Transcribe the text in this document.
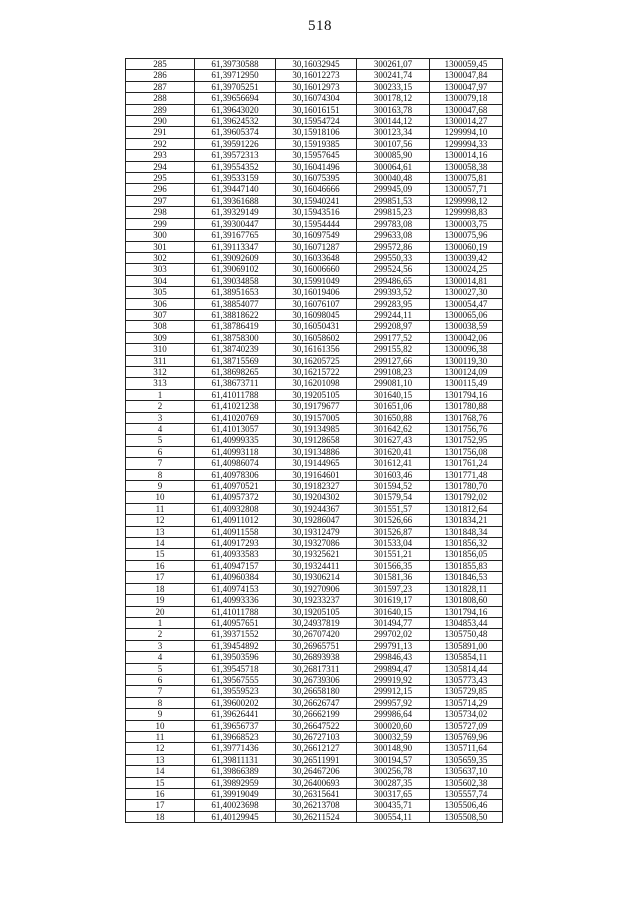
518
285	61,39730588	30,16032945	300261,07	1300059,45
286	61,39712950	30,16012273	300241,74	1300047,84
287	61,39705251	30,16012973	300233,15	1300047,97
288	61,39656694	30,16074304	300178,12	1300079,18
289	61,39643020	30,16016151	300163,78	1300047,68
290	61,39624532	30,15954724	300144,12	1300014,27
291	61,39605374	30,15918106	300123,34	1299994,10
292	61,39591226	30,15919385	300107,56	1299994,33
293	61,39572313	30,15957645	300085,90	1300014,16
294	61,39554352	30,16041496	300064,61	1300058,38
295	61,39533159	30,16075395	300040,48	1300075,81
296	61,39447140	30,16046666	299945,09	1300057,71
297	61,39361688	30,15940241	299851,53	1299998,12
298	61,39329149	30,15943516	299815,23	1299998,83
299	61,39300447	30,15954444	299783,08	1300003,75
300	61,39167765	30,16097549	299633,08	1300075,96
301	61,39113347	30,16071287	299572,86	1300060,19
302	61,39092609	30,16033648	299550,33	1300039,42
303	61,39069102	30,16006660	299524,56	1300024,25
304	61,39034858	30,15991049	299486,65	1300014,81
305	61,38951653	30,16019406	299393,52	1300027,30
306	61,38854077	30,16076107	299283,95	1300054,47
307	61,38818622	30,16098045	299244,11	1300065,06
308	61,38786419	30,16050431	299208,97	1300038,59
309	61,38758300	30,16058602	299177,52	1300042,06
310	61,38740239	30,16161356	299155,82	1300096,38
311	61,38715569	30,16205725	299127,66	1300119,30
312	61,38698265	30,16215722	299108,23	1300124,09
313	61,38673711	30,16201098	299081,10	1300115,49
1	61,41011788	30,19205105	301640,15	1301794,16
2	61,41021238	30,19179677	301651,06	1301780,88
3	61,41020769	30,19157005	301650,88	1301768,76
4	61,41013057	30,19134985	301642,62	1301756,76
5	61,40999335	30,19128658	301627,43	1301752,95
6	61,40993118	30,19134886	301620,41	1301756,08
7	61,40986074	30,19144965	301612,41	1301761,24
8	61,40978306	30,19164601	301603,46	1301771,48
9	61,40970521	30,19182327	301594,52	1301780,70
10	61,40957372	30,19204302	301579,54	1301792,02
11	61,40932808	30,19244367	301551,57	1301812,64
12	61,40911012	30,19286047	301526,66	1301834,21
13	61,40911558	30,19312479	301526,87	1301848,34
14	61,40917293	30,19327086	301533,04	1301856,32
15	61,40933583	30,19325621	301551,21	1301856,05
16	61,40947157	30,19324411	301566,35	1301855,83
17	61,40960384	30,19306214	301581,36	1301846,53
18	61,40974153	30,19270906	301597,23	1301828,11
19	61,40993336	30,19233237	301619,17	1301808,60
20	61,41011788	30,19205105	301640,15	1301794,16
1	61,40957651	30,24937819	301494,77	1304853,44
2	61,39371552	30,26707420	299702,02	1305750,48
3	61,39454892	30,26965751	299791,13	1305891,00
4	61,39503596	30,26893938	299846,43	1305854,11
5	61,39545718	30,26817311	299894,47	1305814,44
6	61,39567555	30,26739306	299919,92	1305773,43
7	61,39559523	30,26658180	299912,15	1305729,85
8	61,39600202	30,26626747	299957,92	1305714,29
9	61,39626441	30,26662199	299986,64	1305734,02
10	61,39656737	30,26647522	300020,60	1305727,09
11	61,39668523	30,26727103	300032,59	1305769,96
12	61,39771436	30,26612127	300148,90	1305711,64
13	61,39811131	30,26511991	300194,57	1305659,35
14	61,39866389	30,26467206	300256,78	1305637,10
15	61,39892959	30,26400693	300287,35	1305602,38
16	61,39919049	30,26315641	300317,65	1305557,74
17	61,40023698	30,26213708	300435,71	1305506,46
18	61,40129945	30,26211524	300554,11	1305508,50
